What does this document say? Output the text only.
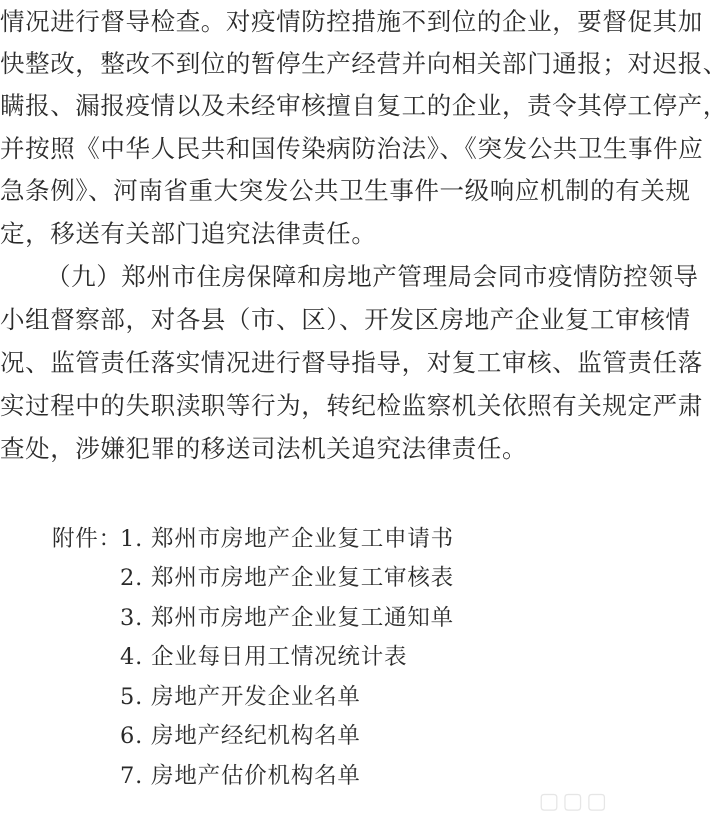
情况进行督导检查。对疫情防控措施不到位的企业，要督促其加
快整改，整改不到位的暂停生产经营并向相关部门通报；对迟报、
瞒报、漏报疫情以及未经审核擅自复工的企业，责令其停工停产，
并按照《中华人民共和国传染病防治法》、《突发公共卫生事件应
急条例》、河南省重大突发公共卫生事件一级响应机制的有关规
定，移送有关部门追究法律责任。
（九）郑州市住房保障和房地产管理局会同市疫情防控领导
小组督察部，对各县（市、区）、开发区房地产企业复工审核情
况、监管责任落实情况进行督导指导，对复工审核、监管责任落
实过程中的失职渎职等行为，转纪检监察机关依照有关规定严肃
查处，涉嫌犯罪的移送司法机关追究法律责任。
附件：
1. 郑州市房地产企业复工申请书
2. 郑州市房地产企业复工审核表
3. 郑州市房地产企业复工通知单
4. 企业每日用工情况统计表
5. 房地产开发企业名单
6. 房地产经纪机构名单
7. 房地产估价机构名单
▢▢▢
